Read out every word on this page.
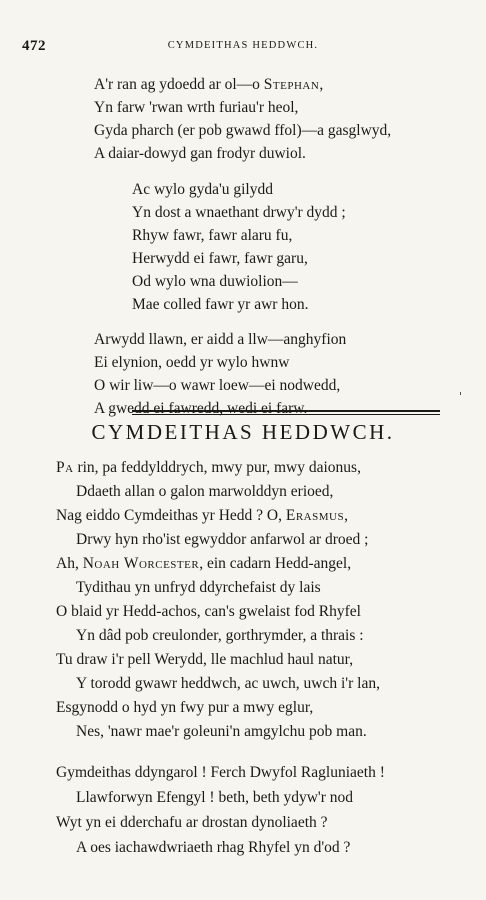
472	CYMDEITHAS HEDDWCH.
A'r ran ag ydoedd ar ol—o Stephan,
Yn farw 'rwan wrth furiau'r heol,
Gyda pharch (er pob gwawd ffol)—a gasglwyd,
A daiar-dowyd gan frodyr duwiol.
Ac wylo gyda'u gilydd
Yn dost a wnaethant drwy'r dydd ;
Rhyw fawr, fawr alaru fu,
Herwydd ei fawr, fawr garu,
Od wylo wna duwiolion—
Mae colled fawr yr awr hon.
Arwydd llawn, er aidd a llw—anghyfion
Ei elynion, oedd yr wylo hwnw
O wir liw—o wawr loew—ei nodwedd,
A gwedd ei fawredd, wedi ei farw.
CYMDEITHAS HEDDWCH.
Pa rin, pa feddylddrych, mwy pur, mwy daionus,
Ddaeth allan o galon marwolddyn erioed,
Nag eiddo Cymdeithas yr Hedd ? O, Erasmus,
Drwy hyn rho'ist egwyddor anfarwol ar droed ;
Ah, Noah Worcester, ein cadarn Hedd-angel,
Tydithau yn unfryd ddyrchefaist dy lais
O blaid yr Hedd-achos, can's gwelaist fod Rhyfel
Yn dâd pob creulonder, gorthrymder, a thrais :
Tu draw i'r pell Werydd, lle machlud haul natur,
Y torodd gwawr heddwch, ac uwch, uwch i'r lan,
Esgynodd o hyd yn fwy pur a mwy eglur,
Nes, 'nawr mae'r goleuni'n amgylchu pob man.
Gymdeithas ddyngarol ! Ferch Dwyfol Ragluniaeth !
Llawforwyn Efengyl ! beth, beth ydyw'r nod
Wyt yn ei dderchafu ar drostan dynoliaeth ?
A oes iachawdwriaeth rhag Rhyfel yn d'od ?
